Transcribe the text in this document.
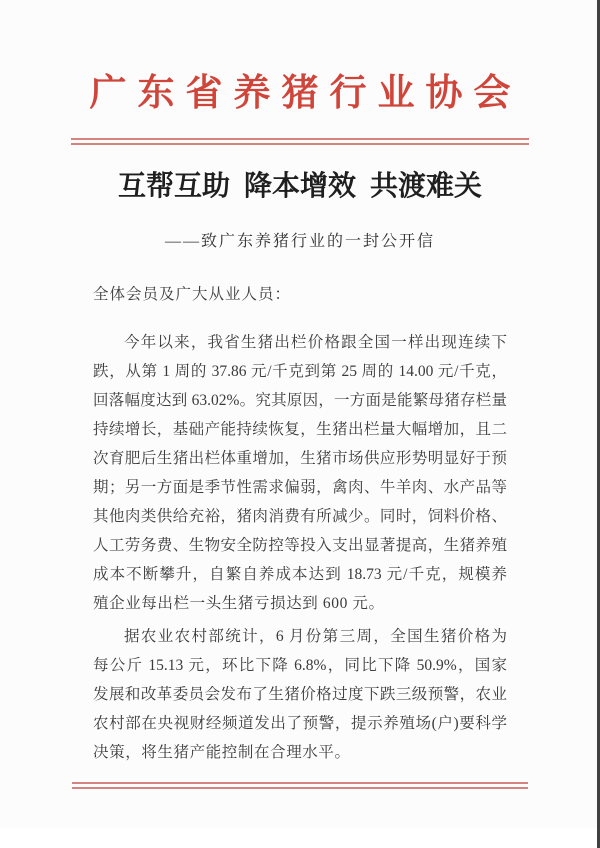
广东省养猪行业协会
互帮互助 降本增效 共渡难关
——致广东养猪行业的一封公开信
全体会员及广大从业人员：
今年以来，我省生猪出栏价格跟全国一样出现连续下
跌，从第 1 周的 37.86 元/千克到第 25 周的 14.00 元/千克，
回落幅度达到 63.02%。究其原因，一方面是能繁母猪存栏量
持续增长，基础产能持续恢复，生猪出栏量大幅增加，且二
次育肥后生猪出栏体重增加，生猪市场供应形势明显好于预
期；另一方面是季节性需求偏弱，禽肉、牛羊肉、水产品等
其他肉类供给充裕，猪肉消费有所减少。同时，饲料价格、
人工劳务费、生物安全防控等投入支出显著提高，生猪养殖
成本不断攀升，自繁自养成本达到 18.73 元/千克，规模养
殖企业每出栏一头生猪亏损达到 600 元。
据农业农村部统计，6 月份第三周，全国生猪价格为
每公斤 15.13 元，环比下降 6.8%，同比下降 50.9%，国家
发展和改革委员会发布了生猪价格过度下跌三级预警，农业
农村部在央视财经频道发出了预警，提示养殖场(户)要科学
决策，将生猪产能控制在合理水平。
